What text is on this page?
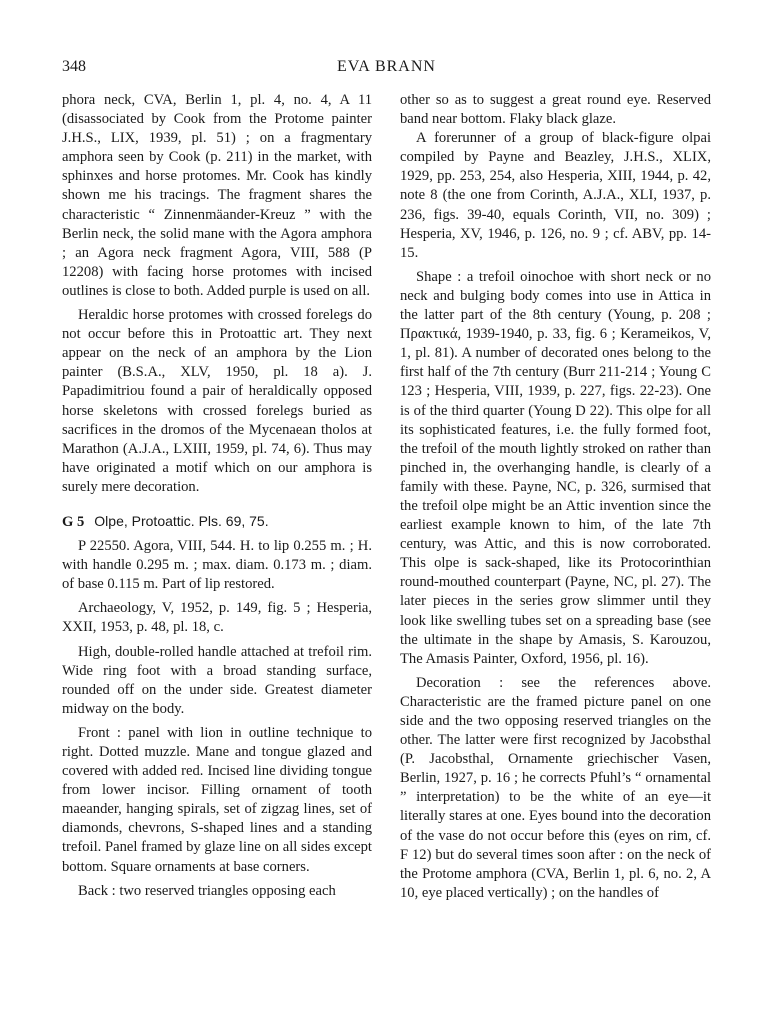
348	EVA BRANN

phora neck, CVA, Berlin 1, pl. 4, no. 4, A 11 (disassociated by Cook from the Protome painter J.H.S., LIX, 1939, pl. 51) ; on a fragmentary amphora seen by Cook (p. 211) in the market, with sphinxes and horse protomes. Mr. Cook has kindly shown me his tracings. The fragment shares the characteristic “ Zinnenmäander-Kreuz ” with the Berlin neck, the solid mane with the Agora amphora ; an Agora neck fragment Agora, VIII, 588 (P 12208) with facing horse protomes with incised outlines is close to both. Added purple is used on all.

Heraldic horse protomes with crossed forelegs do not occur before this in Protoattic art. They next appear on the neck of an amphora by the Lion painter (B.S.A., XLV, 1950, pl. 18 a). J. Papadimitriou found a pair of heraldically opposed horse skeletons with crossed forelegs buried as sacrifices in the dromos of the Mycenaean tholos at Marathon (A.J.A., LXIII, 1959, pl. 74, 6). Thus may have originated a motif which on our amphora is surely mere decoration.

G 5 Olpe, Protoattic. Pls. 69, 75.

P 22550. Agora, VIII, 544. H. to lip 0.255 m. ; H. with handle 0.295 m. ; max. diam. 0.173 m. ; diam. of base 0.115 m. Part of lip restored.

Archaeology, V, 1952, p. 149, fig. 5 ; Hesperia, XXII, 1953, p. 48, pl. 18, c.

High, double-rolled handle attached at trefoil rim. Wide ring foot with a broad standing surface, rounded off on the under side. Greatest diameter midway on the body.

Front : panel with lion in outline technique to right. Dotted muzzle. Mane and tongue glazed and covered with added red. Incised line dividing tongue from lower incisor. Filling ornament of tooth maeander, hanging spirals, set of zigzag lines, set of diamonds, chevrons, S-shaped lines and a standing trefoil. Panel framed by glaze line on all sides except bottom. Square ornaments at base corners.

Back : two reserved triangles opposing each

other so as to suggest a great round eye. Reserved band near bottom. Flaky black glaze.

A forerunner of a group of black-figure olpai compiled by Payne and Beazley, J.H.S., XLIX, 1929, pp. 253, 254, also Hesperia, XIII, 1944, p. 42, note 8 (the one from Corinth, A.J.A., XLI, 1937, p. 236, figs. 39-40, equals Corinth, VII, no. 309) ; Hesperia, XV, 1946, p. 126, no. 9 ; cf. ABV, pp. 14-15.

Shape : a trefoil oinochoe with short neck or no neck and bulging body comes into use in Attica in the latter part of the 8th century (Young, p. 208 ; Πρακτικά, 1939-1940, p. 33, fig. 6 ; Kerameikos, V, 1, pl. 81). A number of decorated ones belong to the first half of the 7th century (Burr 211-214 ; Young C 123 ; Hesperia, VIII, 1939, p. 227, figs. 22-23). One is of the third quarter (Young D 22). This olpe for all its sophisticated features, i.e. the fully formed foot, the trefoil of the mouth lightly stroked on rather than pinched in, the overhanging handle, is clearly of a family with these. Payne, NC, p. 326, surmised that the trefoil olpe might be an Attic invention since the earliest example known to him, of the late 7th century, was Attic, and this is now corroborated. This olpe is sack-shaped, like its Protocorinthian round-mouthed counterpart (Payne, NC, pl. 27). The later pieces in the series grow slimmer until they look like swelling tubes set on a spreading base (see the ultimate in the shape by Amasis, S. Karouzou, The Amasis Painter, Oxford, 1956, pl. 16).

Decoration : see the references above. Characteristic are the framed picture panel on one side and the two opposing reserved triangles on the other. The latter were first recognized by Jacobsthal (P. Jacobsthal, Ornamente griechischer Vasen, Berlin, 1927, p. 16 ; he corrects Pfuhl’s “ ornamental ” interpretation) to be the white of an eye—it literally stares at one. Eyes bound into the decoration of the vase do not occur before this (eyes on rim, cf. F 12) but do several times soon after : on the neck of the Protome amphora (CVA, Berlin 1, pl. 6, no. 2, A 10, eye placed vertically) ; on the handles of
